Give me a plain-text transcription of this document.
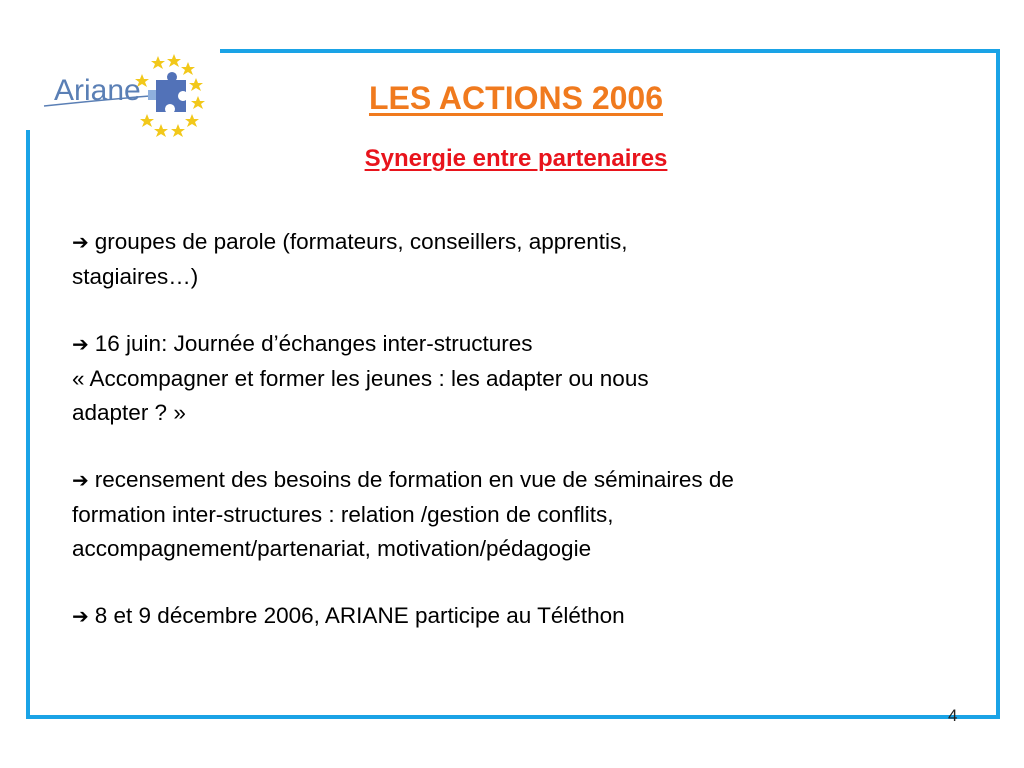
Ariane	LES ACTIONS 2006
Synergie entre partenaires

➔ groupes de parole (formateurs, conseillers, apprentis,
stagiaires…)

➔ 16 juin: Journée d’échanges inter-structures
« Accompagner et former les jeunes : les adapter ou nous
adapter ? »

➔ recensement des besoins de formation en vue de séminaires de
formation inter-structures : relation /gestion de conflits,
accompagnement/partenariat, motivation/pédagogie

➔ 8 et 9 décembre 2006, ARIANE participe au Téléthon

4
